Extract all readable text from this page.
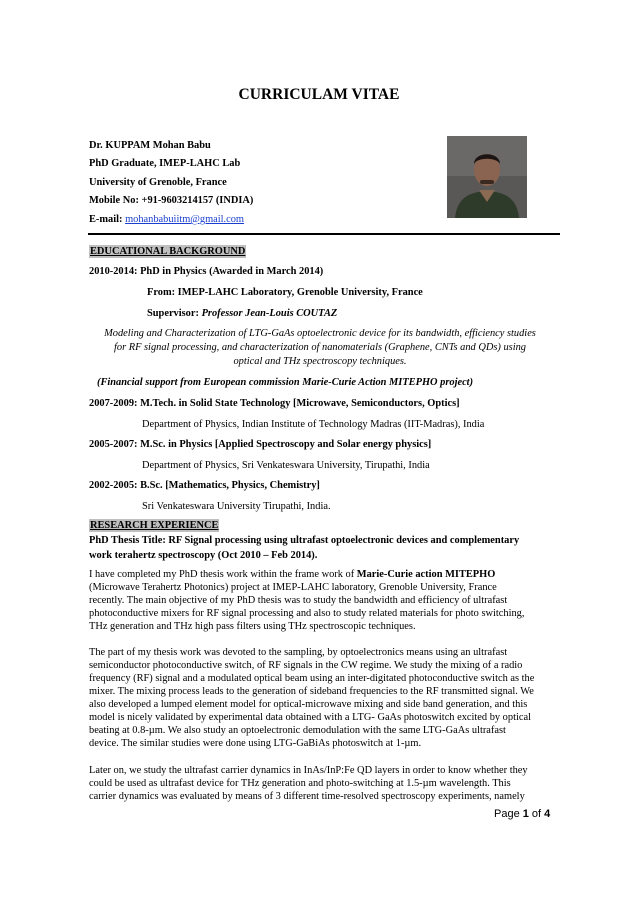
CURRICULAM VITAE
Dr. KUPPAM Mohan Babu
PhD Graduate, IMEP-LAHC Lab
University of Grenoble, France
Mobile No: +91-9603214157 (INDIA)
E-mail: mohanbabuiitm@gmail.com
EDUCATIONAL BACKGROUND
2010-2014: PhD in Physics (Awarded in March 2014)
From: IMEP-LAHC Laboratory, Grenoble University, France
Supervisor: Professor Jean-Louis COUTAZ
Modeling and Characterization of LTG-GaAs optoelectronic device for its bandwidth, efficiency studies
for RF signal processing, and characterization of nanomaterials (Graphene, CNTs and QDs) using
optical and THz spectroscopy techniques.
(Financial support from European commission Marie-Curie Action MITEPHO project)
2007-2009: M.Tech. in Solid State Technology [Microwave, Semiconductors, Optics]
Department of Physics, Indian Institute of Technology Madras (IIT-Madras), India
2005-2007: M.Sc. in Physics [Applied Spectroscopy and Solar energy physics]
Department of Physics, Sri Venkateswara University, Tirupathi, India
2002-2005: B.Sc. [Mathematics, Physics, Chemistry]
Sri Venkateswara University Tirupathi, India.
RESEARCH EXPERIENCE
PhD Thesis Title: RF Signal processing using ultrafast optoelectronic devices and complementary
work terahertz spectroscopy (Oct 2010 – Feb 2014).
I have completed my PhD thesis work within the frame work of Marie-Curie action MITEPHO
(Microwave Terahertz Photonics) project at IMEP-LAHC laboratory, Grenoble University, France
recently. The main objective of my PhD thesis was to study the bandwidth and efficiency of ultrafast
photoconductive mixers for RF signal processing and also to study related materials for photo switching,
THz generation and THz high pass filters using THz spectroscopic techniques.
The part of my thesis work was devoted to the sampling, by optoelectronics means using an ultrafast
semiconductor photoconductive switch, of RF signals in the CW regime. We study the mixing of a radio
frequency (RF) signal and a modulated optical beam using an inter-digitated photoconductive switch as the
mixer. The mixing process leads to the generation of sideband frequencies to the RF transmitted signal. We
also developed a lumped element model for optical-microwave mixing and side band generation, and this
model is nicely validated by experimental data obtained with a LTG- GaAs photoswitch excited by optical
beating at 0.8-µm. We also study an optoelectronic demodulation with the same LTG-GaAs ultrafast
device. The similar studies were done using LTG-GaBiAs photoswitch at 1-µm.
Later on, we study the ultrafast carrier dynamics in InAs/InP:Fe QD layers in order to know whether they
could be used as ultrafast device for THz generation and photo-switching at 1.5-µm wavelength. This
carrier dynamics was evaluated by means of 3 different time-resolved spectroscopy experiments, namely
Page 1 of 4
